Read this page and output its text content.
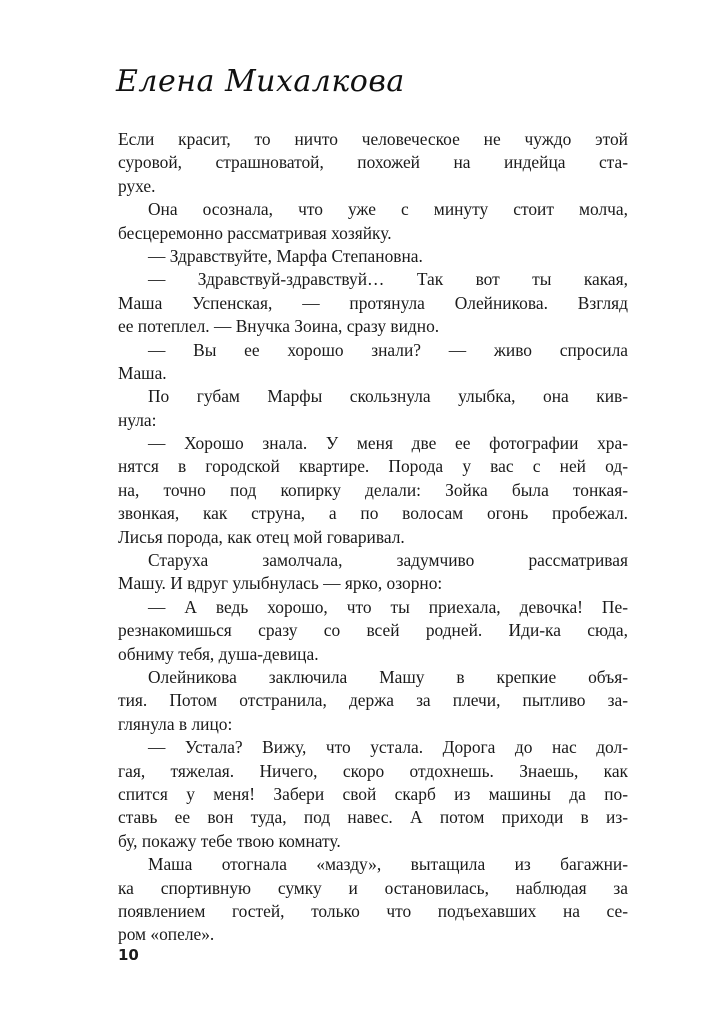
Елена Михалкова
Если красит, то ничто человеческое не чуждо этой
суровой, страшноватой, похожей на индейца ста-
рухе.
Она осознала, что уже с минуту стоит молча,
бесцеремонно рассматривая хозяйку.
— Здравствуйте, Марфа Степановна.
— Здравствуй-здравствуй… Так вот ты какая,
Маша Успенская, — протянула Олейникова. Взгляд
ее потеплел. — Внучка Зоина, сразу видно.
— Вы ее хорошо знали? — живо спросила
Маша.
По губам Марфы скользнула улыбка, она кив-
нула:
— Хорошо знала. У меня две ее фотографии хра-
нятся в городской квартире. Порода у вас с ней од-
на, точно под копирку делали: Зойка была тонкая-
звонкая, как струна, а по волосам огонь пробежал.
Лисья порода, как отец мой говаривал.
Старуха замолчала, задумчиво рассматривая
Машу. И вдруг улыбнулась — ярко, озорно:
— А ведь хорошо, что ты приехала, девочка! Пе-
резнакомишься сразу со всей родней. Иди-ка сюда,
обниму тебя, душа-девица.
Олейникова заключила Машу в крепкие объя-
тия. Потом отстранила, держа за плечи, пытливо за-
глянула в лицо:
— Устала? Вижу, что устала. Дорога до нас дол-
гая, тяжелая. Ничего, скоро отдохнешь. Знаешь, как
спится у меня! Забери свой скарб из машины да по-
ставь ее вон туда, под навес. А потом приходи в из-
бу, покажу тебе твою комнату.
Маша отогнала «мазду», вытащила из багажни-
ка спортивную сумку и остановилась, наблюдая за
появлением гостей, только что подъехавших на се-
ром «опеле».
10
